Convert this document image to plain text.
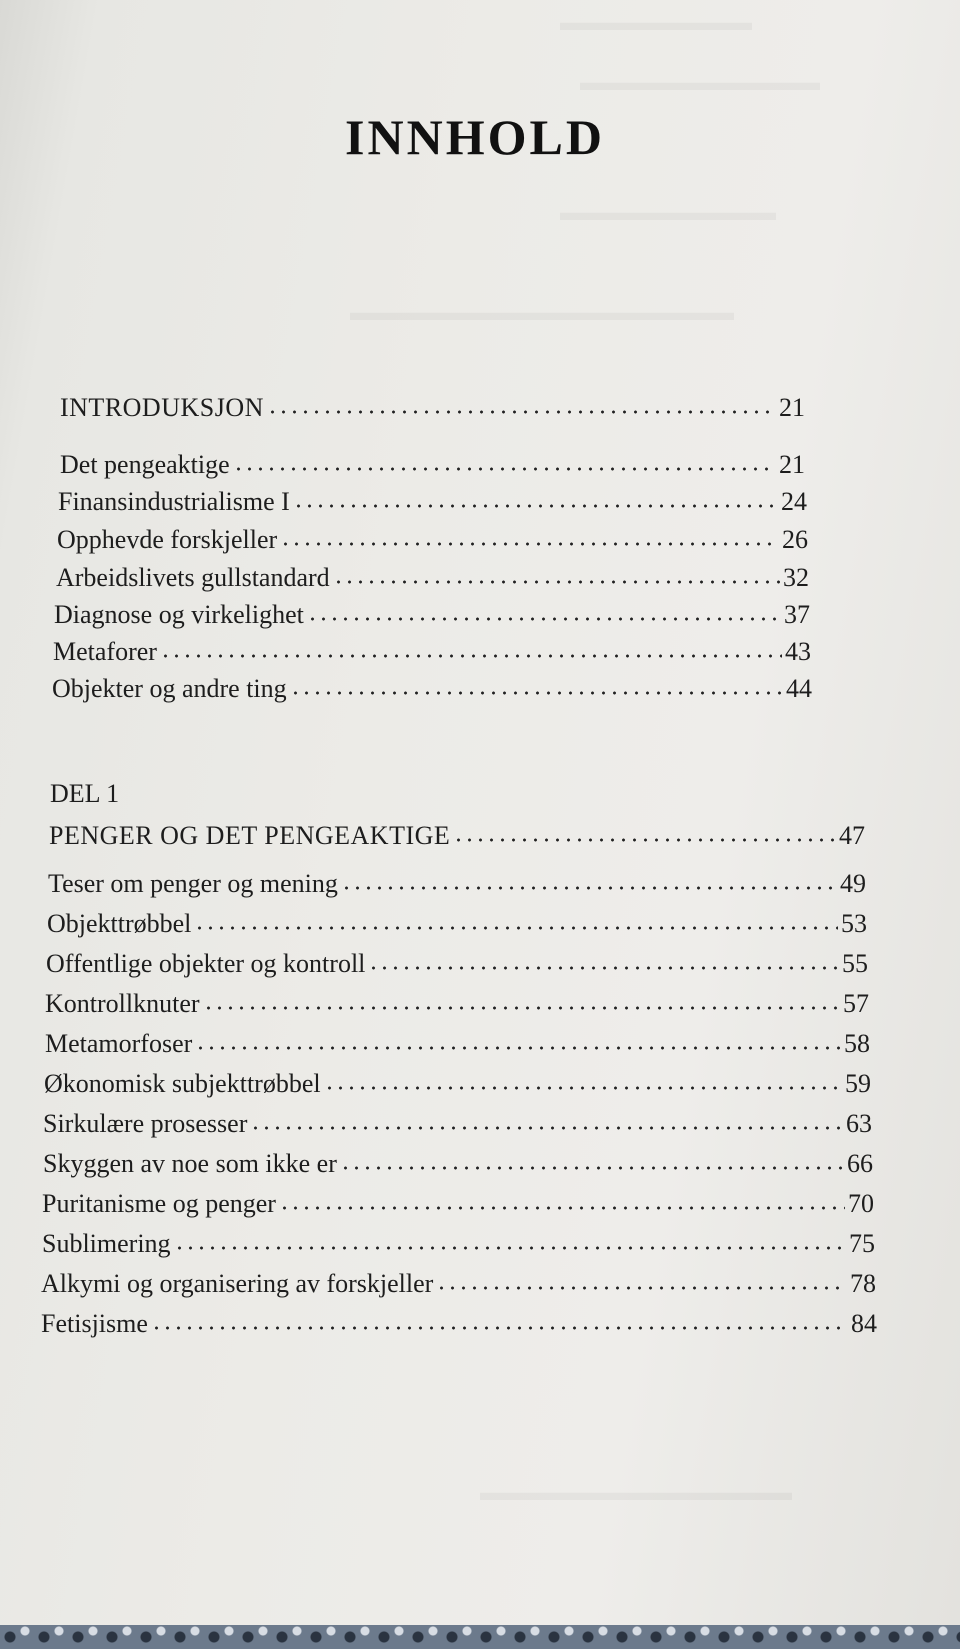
▬▬▬▬▬▬▬▬
▬▬▬▬▬▬▬▬▬▬
▬▬▬▬▬▬▬▬▬
▬▬▬▬▬▬▬▬▬▬▬▬▬▬▬▬
▬▬▬▬▬▬▬▬▬▬▬▬▬
INNHOLD
INTRODUKSJON	21
Det pengeaktige	21
Finansindustrialisme I	24
Opphevde forskjeller	26
Arbeidslivets gullstandard	32
Diagnose og virkelighet	37
Metaforer	43
Objekter og andre ting	44
DEL 1
PENGER OG DET PENGEAKTIGE	47
Teser om penger og mening	49
Objekttrøbbel	53
Offentlige objekter og kontroll	55
Kontrollknuter	57
Metamorfoser	58
Økonomisk subjekttrøbbel	59
Sirkulære prosesser	63
Skyggen av noe som ikke er	66
Puritanisme og penger	70
Sublimering	75
Alkymi og organisering av forskjeller	78
Fetisjisme	84
